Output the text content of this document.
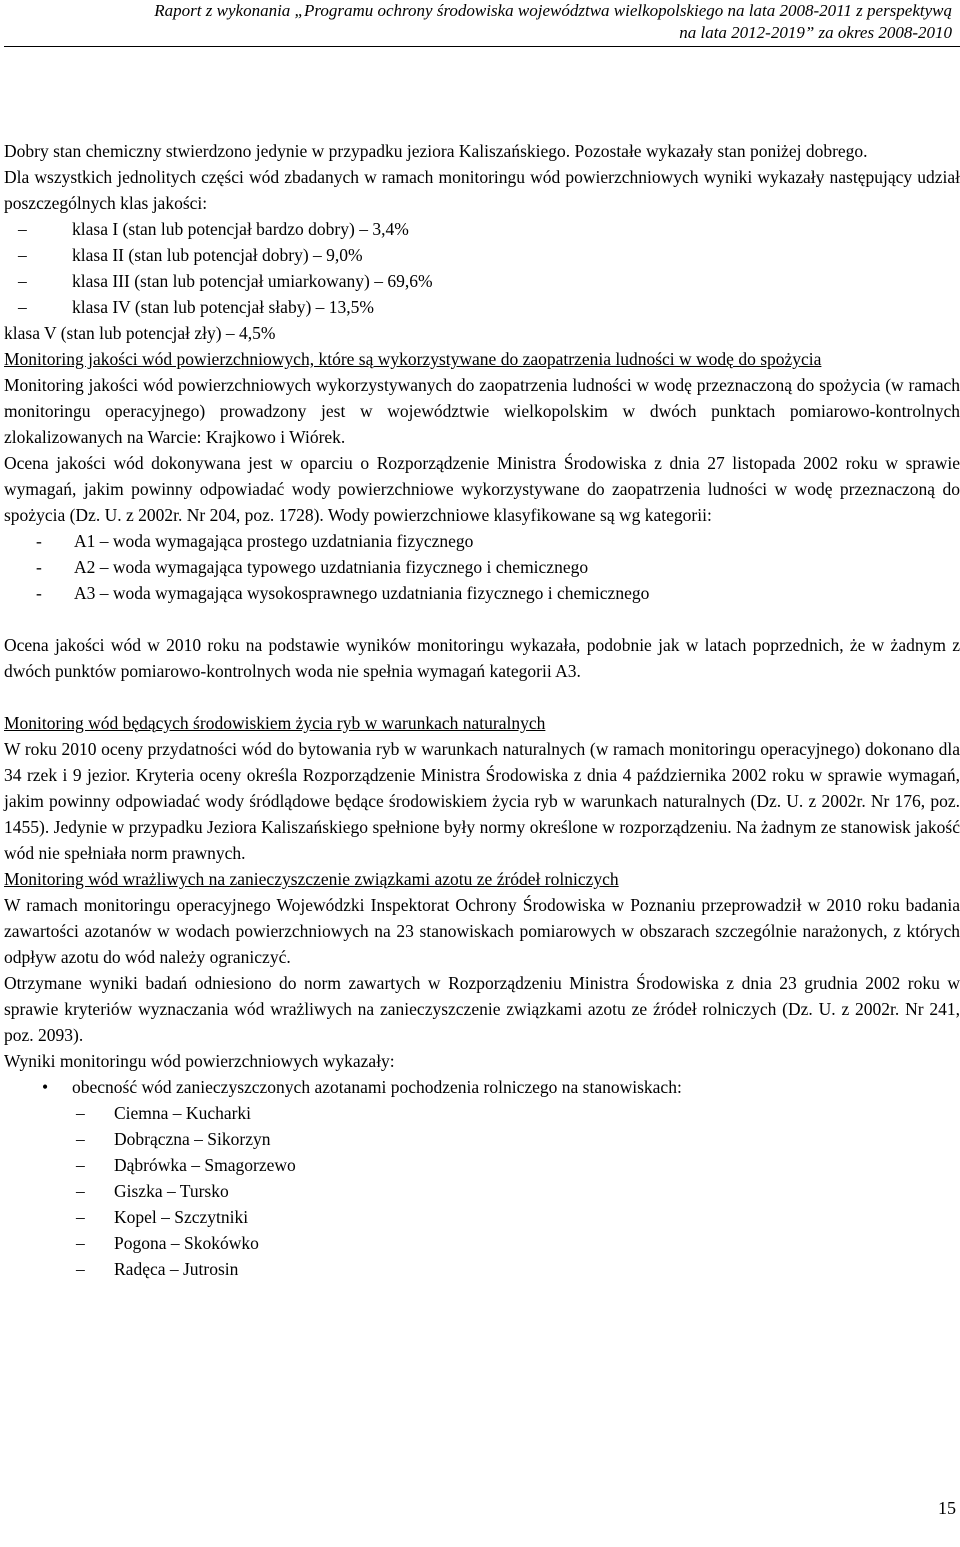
Raport z wykonania „Programu ochrony środowiska województwa wielkopolskiego na lata 2008-2011 z perspektywą
na lata 2012-2019” za okres 2008-2010

Dobry stan chemiczny stwierdzono jedynie w przypadku jeziora Kaliszańskiego. Pozostałe wykazały stan poniżej dobrego.

Dla wszystkich jednolitych części wód zbadanych w ramach monitoringu wód powierzchniowych wyniki wykazały następujący udział poszczególnych klas jakości:

–	klasa I (stan lub potencjał bardzo dobry) – 3,4%
–	klasa II (stan lub potencjał dobry) – 9,0%
–	klasa III (stan lub potencjał umiarkowany) – 69,6%
–	klasa IV (stan lub potencjał słaby) – 13,5%

klasa V (stan lub potencjał zły) – 4,5%

Monitoring jakości wód powierzchniowych, które są wykorzystywane do zaopatrzenia ludności w wodę do spożycia

Monitoring jakości wód powierzchniowych wykorzystywanych do zaopatrzenia ludności w wodę przeznaczoną do spożycia (w ramach monitoringu operacyjnego) prowadzony jest w województwie wielkopolskim w dwóch punktach pomiarowo-kontrolnych zlokalizowanych na Warcie: Krajkowo i Wiórek.

Ocena jakości wód dokonywana jest w oparciu o Rozporządzenie Ministra Środowiska z dnia 27 listopada 2002 roku w sprawie wymagań, jakim powinny odpowiadać wody powierzchniowe wykorzystywane do zaopatrzenia ludności w wodę przeznaczoną do spożycia (Dz. U. z 2002r. Nr 204, poz. 1728). Wody powierzchniowe klasyfikowane są wg kategorii:

- A1 – woda wymagająca prostego uzdatniania fizycznego
- A2 – woda wymagająca typowego uzdatniania fizycznego i chemicznego
- A3 – woda wymagająca wysokosprawnego uzdatniania fizycznego i chemicznego

Ocena jakości wód w 2010 roku na podstawie wyników monitoringu wykazała, podobnie jak w latach poprzednich, że w żadnym z dwóch punktów pomiarowo-kontrolnych woda nie spełnia wymagań kategorii A3.

Monitoring wód będących środowiskiem życia ryb w warunkach naturalnych

W roku 2010 oceny przydatności wód do bytowania ryb w warunkach naturalnych (w ramach monitoringu operacyjnego) dokonano dla 34 rzek i 9 jezior. Kryteria oceny określa Rozporządzenie Ministra Środowiska z dnia 4 października 2002 roku w sprawie wymagań, jakim powinny odpowiadać wody śródlądowe będące środowiskiem życia ryb w warunkach naturalnych (Dz. U. z 2002r. Nr 176, poz. 1455). Jedynie w przypadku Jeziora Kaliszańskiego spełnione były normy określone w rozporządzeniu. Na żadnym ze stanowisk jakość wód nie spełniała norm prawnych.

Monitoring wód wrażliwych na zanieczyszczenie związkami azotu ze źródeł rolniczych

W ramach monitoringu operacyjnego Wojewódzki Inspektorat Ochrony Środowiska w Poznaniu przeprowadził w 2010 roku badania zawartości azotanów w wodach powierzchniowych na 23 stanowiskach pomiarowych w obszarach szczególnie narażonych, z których odpływ azotu do wód należy ograniczyć.

Otrzymane wyniki badań odniesiono do norm zawartych w Rozporządzeniu Ministra Środowiska z dnia 23 grudnia 2002 roku w sprawie kryteriów wyznaczania wód wrażliwych na zanieczyszczenie związkami azotu ze źródeł rolniczych (Dz. U. z 2002r. Nr 241, poz. 2093).

Wyniki monitoringu wód powierzchniowych wykazały:

• obecność wód zanieczyszczonych azotanami pochodzenia rolniczego na stanowiskach:
– Ciemna – Kucharki
– Dobrączna – Sikorzyn
– Dąbrówka – Smagorzewo
– Giszka – Tursko
– Kopel – Szczytniki
– Pogona – Skokówko
– Radęca – Jutrosin
15
